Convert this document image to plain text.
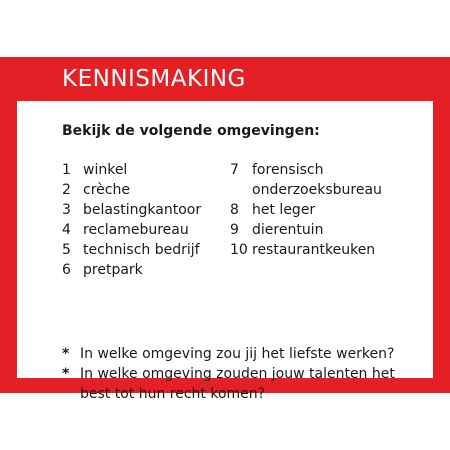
KENNISMAKING
Bekijk de volgende omgevingen:
1 winkel
2 crèche
3 belastingkantoor
4 reclamebureau
5 technisch bedrijf
6 pretpark
7 forensisch
onderzoeksbureau
8 het leger
9 dierentuin
10 restaurantkeuken
* In welke omgeving zou jij het liefste werken?
* In welke omgeving zouden jouw talenten het
best tot hun recht komen?
